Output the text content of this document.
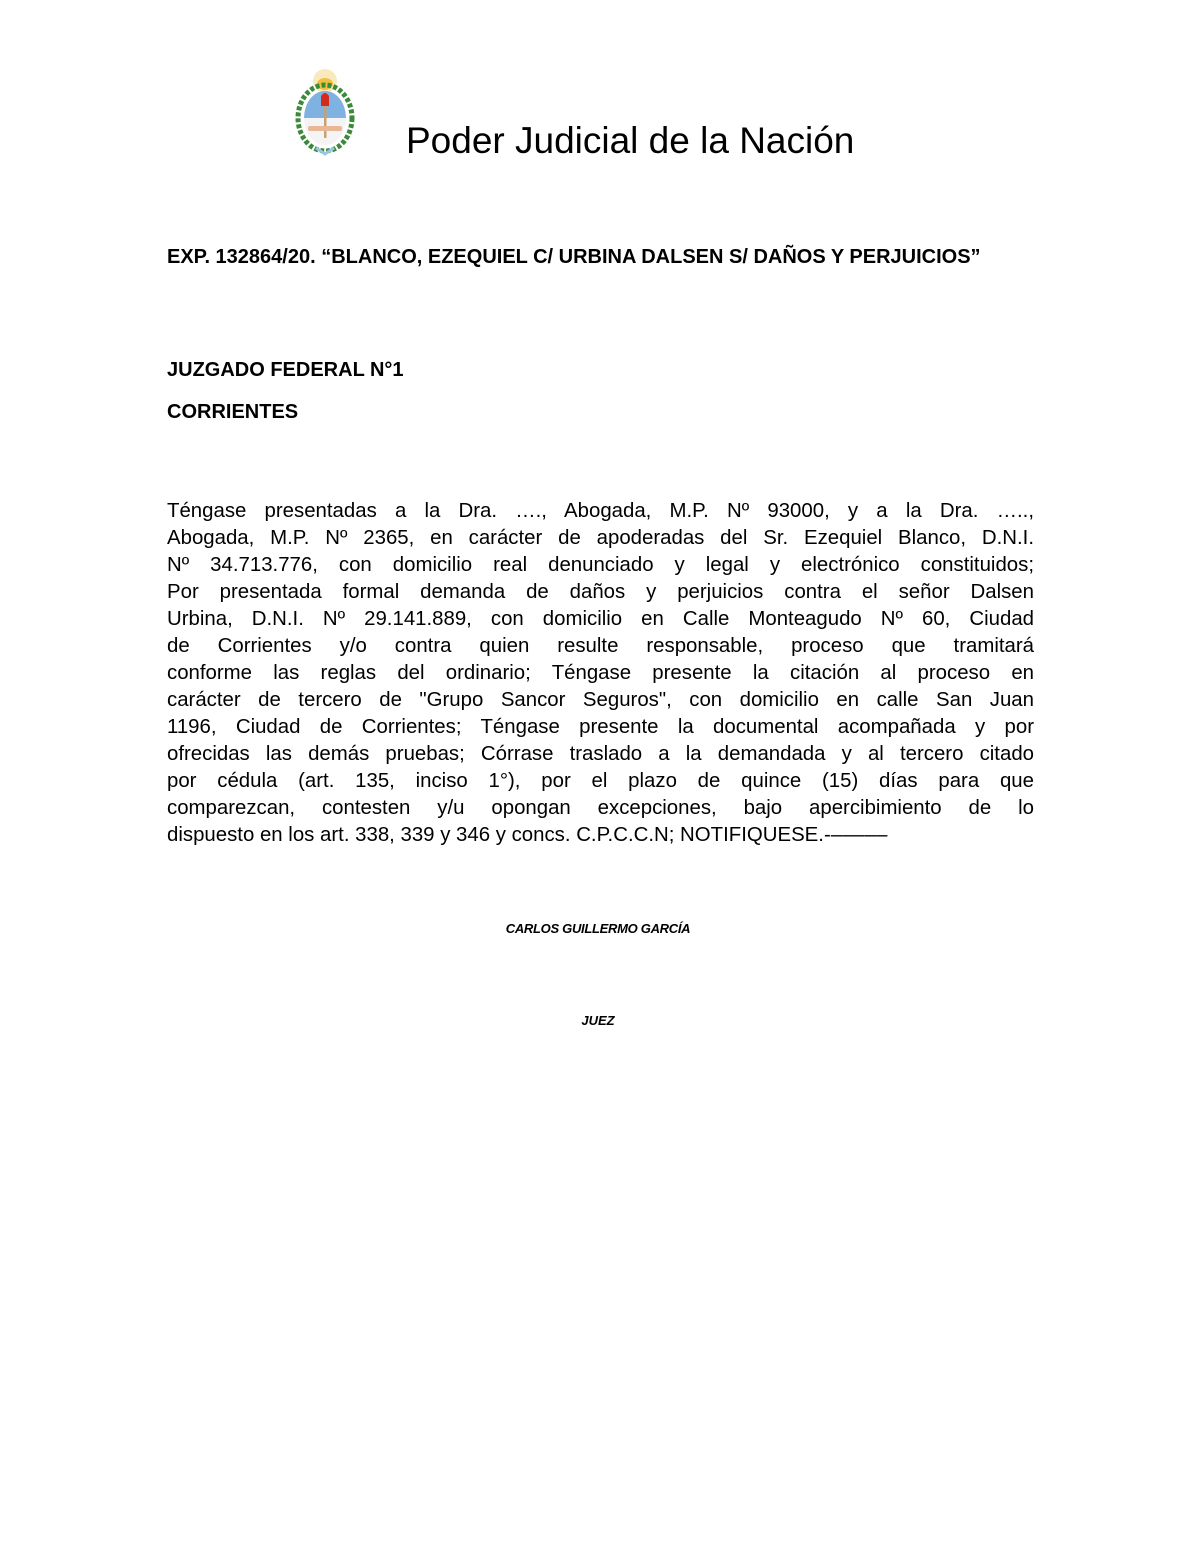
Poder Judicial de la Nación
EXP. 132864/20. “BLANCO, EZEQUIEL C/ URBINA DALSEN S/ DAÑOS Y PERJUICIOS”
JUZGADO FEDERAL N°1
CORRIENTES
Téngase presentadas a la Dra. …., Abogada, M.P. Nº 93000, y a la Dra. …..,
Abogada, M.P. Nº 2365, en carácter de apoderadas del Sr. Ezequiel Blanco, D.N.I.
Nº 34.713.776, con domicilio real denunciado y legal y electrónico constituidos;
Por presentada formal demanda de daños y perjuicios contra el señor Dalsen
Urbina, D.N.I. Nº 29.141.889, con domicilio en Calle Monteagudo Nº 60, Ciudad
de Corrientes y/o contra quien resulte responsable, proceso que tramitará
conforme las reglas del ordinario; Téngase presente la citación al proceso en
carácter de tercero de "Grupo Sancor Seguros", con domicilio en calle San Juan
1196, Ciudad de Corrientes; Téngase presente la documental acompañada y por
ofrecidas las demás pruebas; Córrase traslado a la demandada y al tercero citado
por cédula (art. 135, inciso 1°), por el plazo de quince (15) días para que
comparezcan, contesten y/u opongan excepciones, bajo apercibimiento de lo
dispuesto en los art. 338, 339 y 346 y concs. C.P.C.C.N; NOTIFIQUESE.-–––––
CARLOS GUILLERMO GARCÍA
JUEZ
